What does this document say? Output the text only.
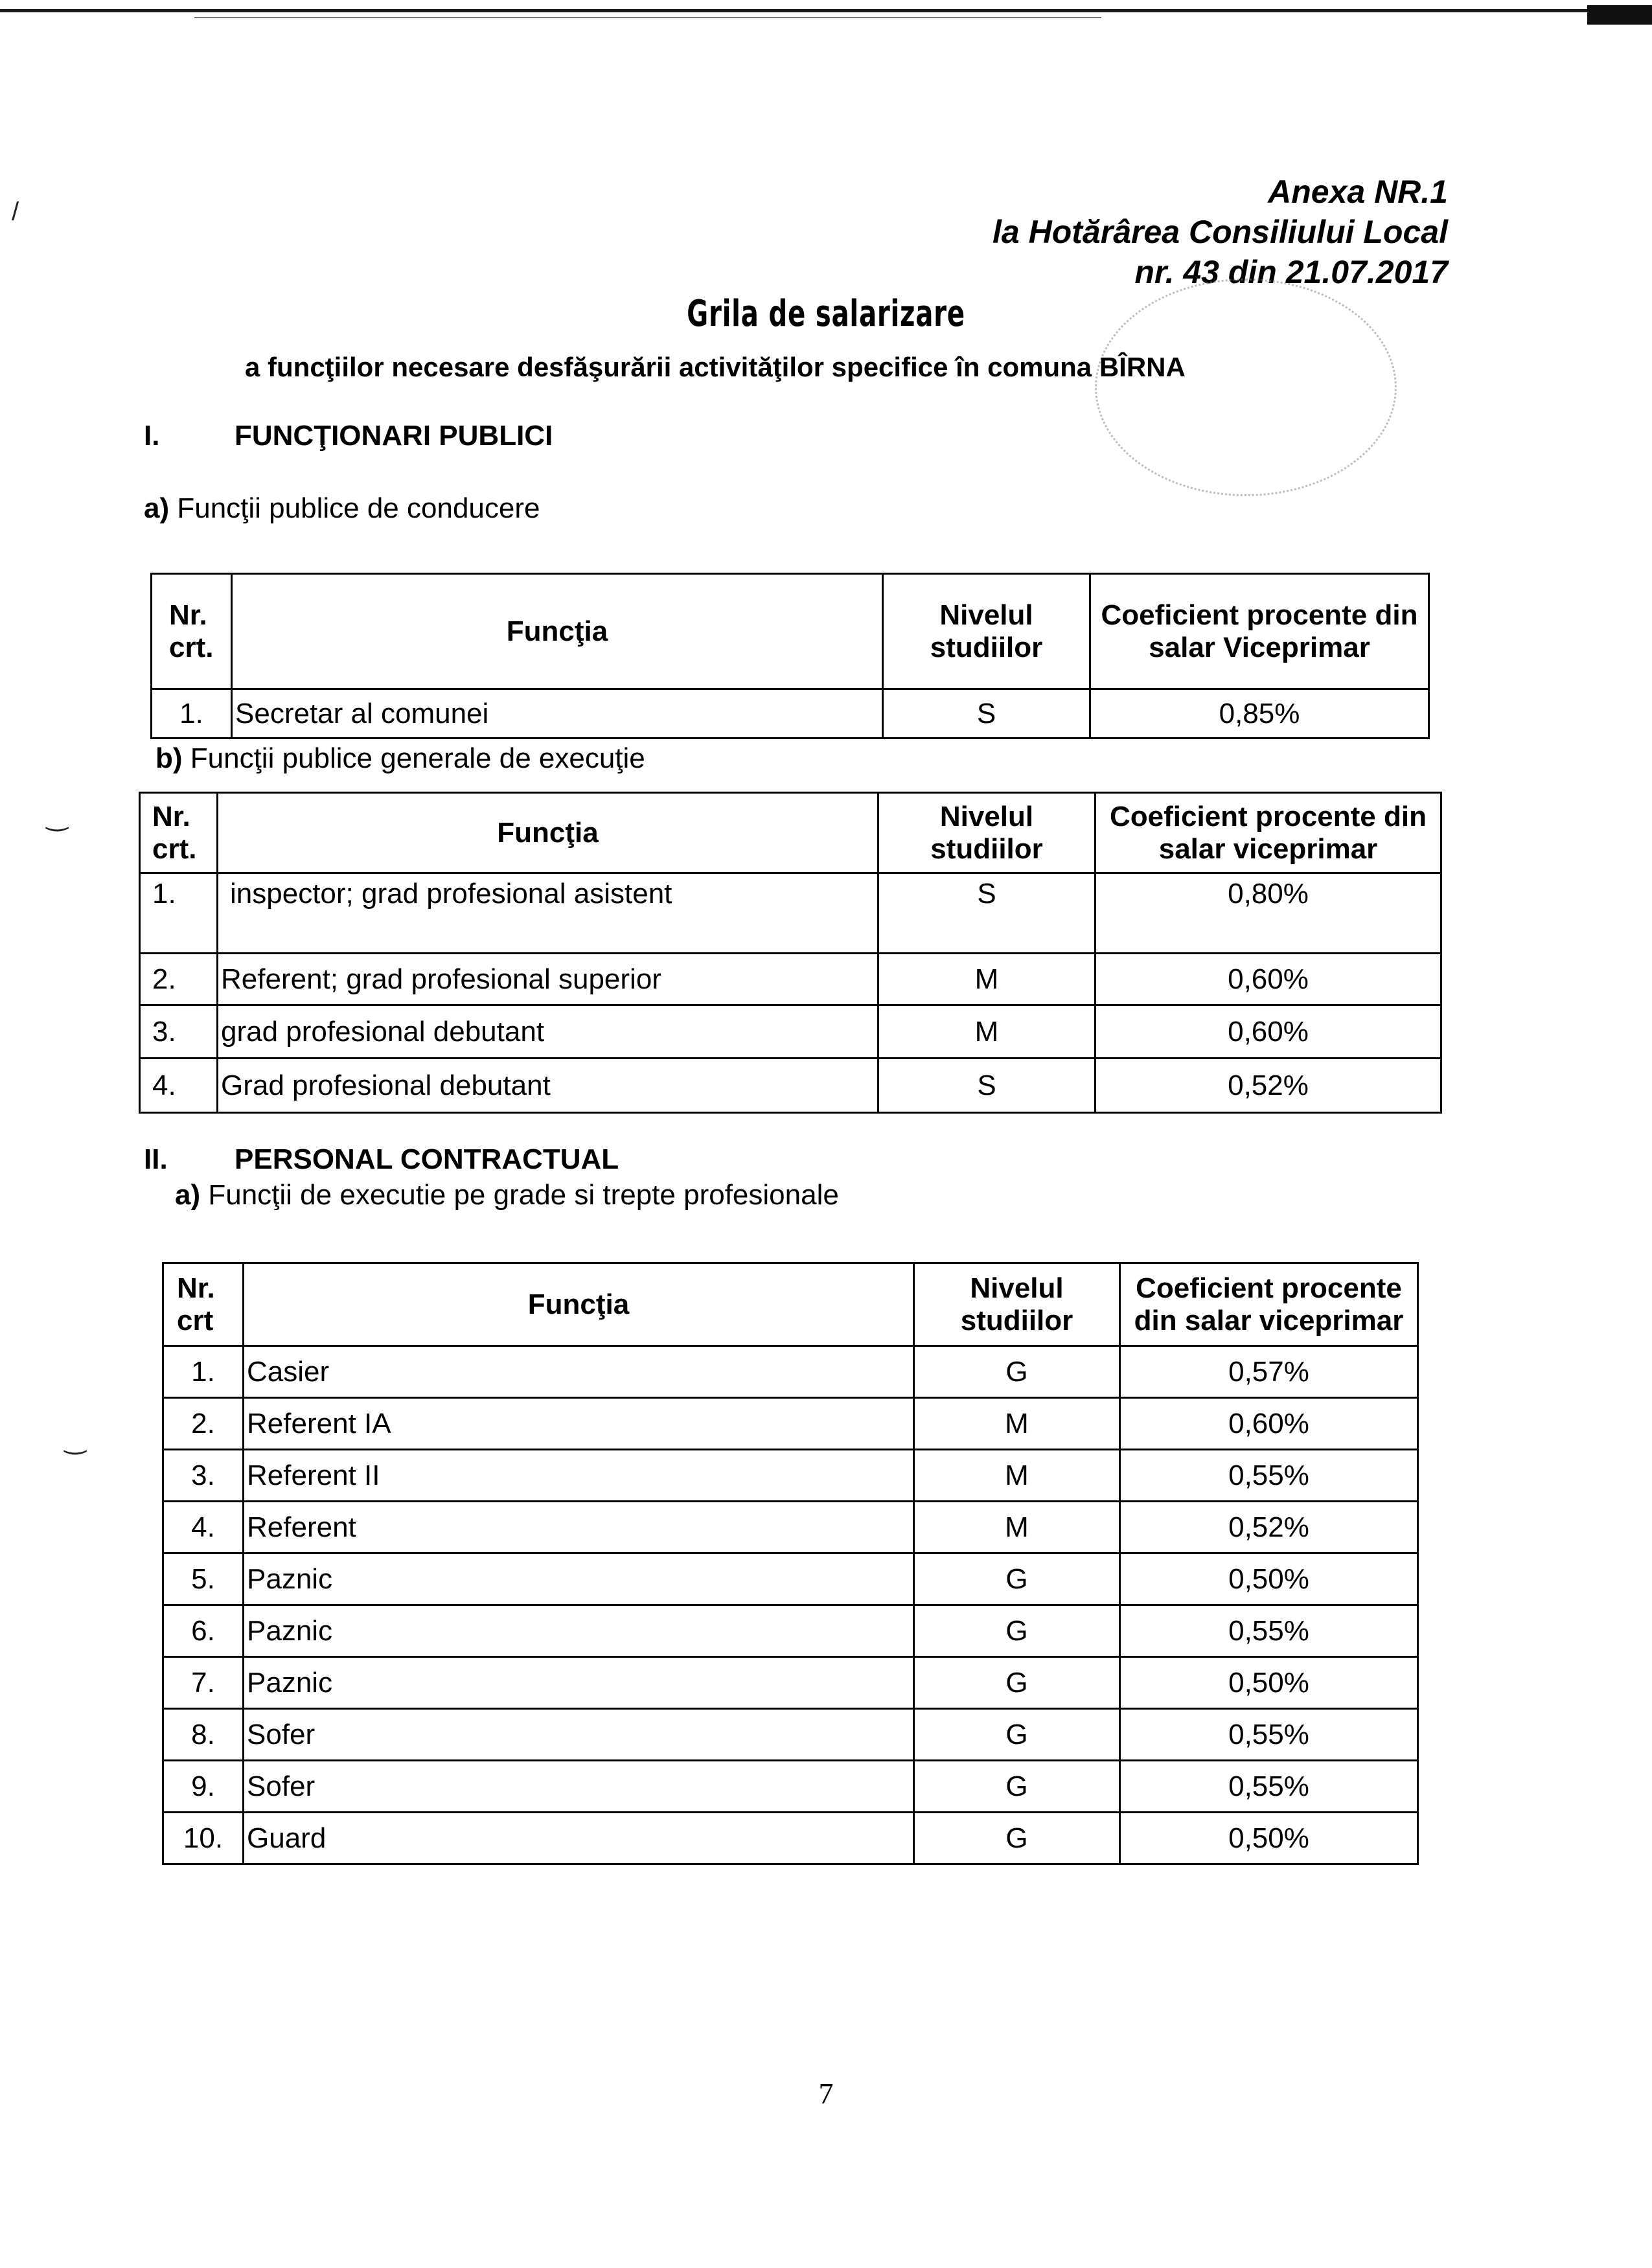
/
Anexa NR.1
la Hotărârea Consiliului Local
nr. 43 din 21.07.2017
Grila de salarizare
a funcţiilor necesare desfăşurării activităţilor specifice în comuna BÎRNA
I.	FUNCŢIONARI PUBLICI
a) Funcţii publice de conducere
Nr. crt.	Funcţia	Nivelul studiilor	Coeficient procente din salar Viceprimar
1.	Secretar al comunei	S	0,85%
b) Funcţii publice generale de execuţie
‿	Nr. crt.	Funcţia	Nivelul studiilor	Coeficient procente din salar viceprimar
1.	inspector; grad profesional asistent	S	0,80%
2.	Referent; grad profesional superior	M	0,60%
3.	grad profesional debutant	M	0,60%
4.	Grad profesional debutant	S	0,52%
II. PERSONAL CONTRACTUAL
a) Funcţii de executie pe grade si trepte profesionale
‿
Nr. crt	Funcţia	Nivelul studiilor	Coeficient procente din salar viceprimar
1.	Casier	G	0,57%
2.	Referent IA	M	0,60%
3.	Referent II	M	0,55%
4.	Referent	M	0,52%
5.	Paznic	G	0,50%
6.	Paznic	G	0,55%
7.	Paznic	G	0,50%
8.	Sofer	G	0,55%
9.	Sofer	G	0,55%
10.	Guard	G	0,50%
7
